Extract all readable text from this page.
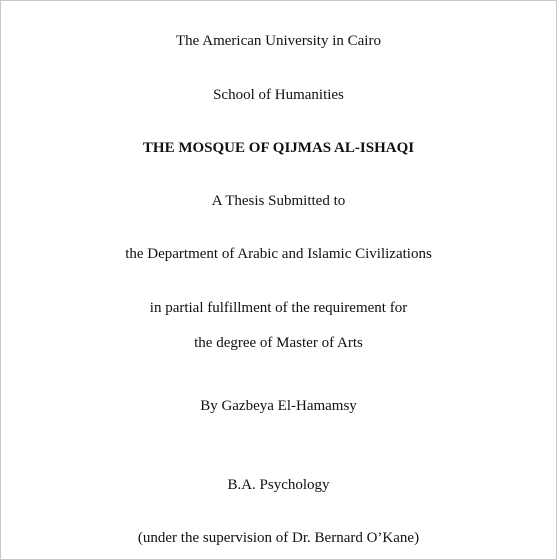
The American University in Cairo
School of Humanities
THE MOSQUE OF QIJMAS AL-ISHAQI
A Thesis Submitted to
the Department of Arabic and Islamic Civilizations
in partial fulfillment of the requirement for
the degree of Master of Arts
By Gazbeya El-Hamamsy
B.A. Psychology
(under the supervision of Dr. Bernard O’Kane)
